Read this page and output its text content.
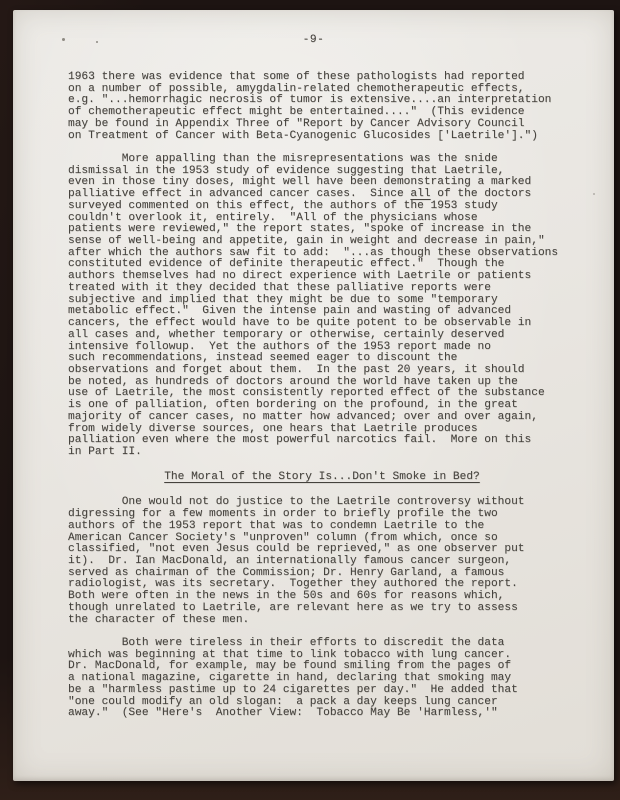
-9-
1963 there was evidence that some of these pathologists had reported
on a number of possible, amygdalin-related chemotherapeutic effects,
e.g. "...hemorrhagic necrosis of tumor is extensive....an interpretation
of chemotherapeutic effect might be entertained...."  (This evidence
may be found in Appendix Three of "Report by Cancer Advisory Council
on Treatment of Cancer with Beta-Cyanogenic Glucosides ['Laetrile'].")
More appalling than the misrepresentations was the snide
dismissal in the 1953 study of evidence suggesting that Laetrile,
even in those tiny doses, might well have been demonstrating a marked
palliative effect in advanced cancer cases.  Since all of the doctors
surveyed commented on this effect, the authors of the 1953 study
couldn't overlook it, entirely.  "All of the physicians whose
patients were reviewed," the report states, "spoke of increase in the
sense of well-being and appetite, gain in weight and decrease in pain,"
after which the authors saw fit to add:  "...as though these observations
constituted evidence of definite therapeutic effect."  Though the
authors themselves had no direct experience with Laetrile or patients
treated with it they decided that these palliative reports were
subjective and implied that they might be due to some "temporary
metabolic effect."  Given the intense pain and wasting of advanced
cancers, the effect would have to be quite potent to be observable in
all cases and, whether temporary or otherwise, certainly deserved
intensive followup.  Yet the authors of the 1953 report made no
such recommendations, instead seemed eager to discount the
observations and forget about them.  In the past 20 years, it should
be noted, as hundreds of doctors around the world have taken up the
use of Laetrile, the most consistently reported effect of the substance
is one of palliation, often bordering on the profound, in the great
majority of cancer cases, no matter how advanced; over and over again,
from widely diverse sources, one hears that Laetrile produces
palliation even where the most powerful narcotics fail.  More on this
in Part II.
The Moral of the Story Is...Don't Smoke in Bed?
One would not do justice to the Laetrile controversy without
digressing for a few moments in order to briefly profile the two
authors of the 1953 report that was to condemn Laetrile to the
American Cancer Society's "unproven" column (from which, once so
classified, "not even Jesus could be reprieved," as one observer put
it).  Dr. Ian MacDonald, an internationally famous cancer surgeon,
served as chairman of the Commission; Dr. Henry Garland, a famous
radiologist, was its secretary.  Together they authored the report.
Both were often in the news in the 50s and 60s for reasons which,
though unrelated to Laetrile, are relevant here as we try to assess
the character of these men.
Both were tireless in their efforts to discredit the data
which was beginning at that time to link tobacco with lung cancer.
Dr. MacDonald, for example, may be found smiling from the pages of
a national magazine, cigarette in hand, declaring that smoking may
be a "harmless pastime up to 24 cigarettes per day."  He added that
"one could modify an old slogan:  a pack a day keeps lung cancer
away."  (See "Here's  Another View:  Tobacco May Be 'Harmless,'"
